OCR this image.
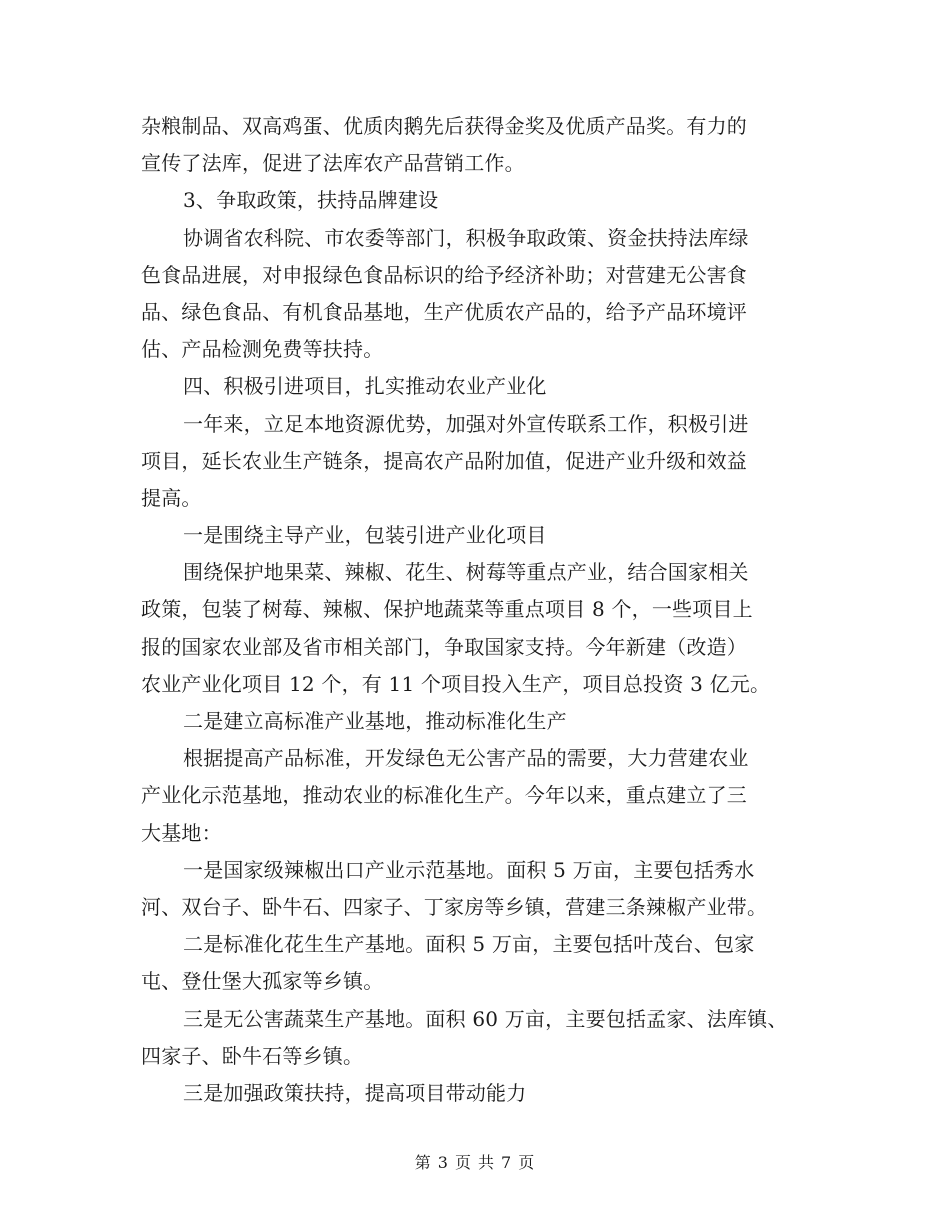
杂粮制品、双高鸡蛋、优质肉鹅先后获得金奖及优质产品奖。有力的
宣传了法库，促进了法库农产品营销工作。
3、争取政策，扶持品牌建设
协调省农科院、市农委等部门，积极争取政策、资金扶持法库绿
色食品进展，对申报绿色食品标识的给予经济补助；对营建无公害食
品、绿色食品、有机食品基地，生产优质农产品的，给予产品环境评
估、产品检测免费等扶持。
四、积极引进项目，扎实推动农业产业化
一年来，立足本地资源优势，加强对外宣传联系工作，积极引进
项目，延长农业生产链条，提高农产品附加值，促进产业升级和效益
提高。
一是围绕主导产业，包装引进产业化项目
围绕保护地果菜、辣椒、花生、树莓等重点产业，结合国家相关
政策，包装了树莓、辣椒、保护地蔬菜等重点项目 8 个，一些项目上
报的国家农业部及省市相关部门，争取国家支持。今年新建（改造）
农业产业化项目 12 个，有 11 个项目投入生产，项目总投资 3 亿元。
二是建立高标准产业基地，推动标准化生产
根据提高产品标准，开发绿色无公害产品的需要，大力营建农业
产业化示范基地，推动农业的标准化生产。今年以来，重点建立了三
大基地：
一是国家级辣椒出口产业示范基地。面积 5 万亩，主要包括秀水
河、双台子、卧牛石、四家子、丁家房等乡镇，营建三条辣椒产业带。
二是标准化花生生产基地。面积 5 万亩，主要包括叶茂台、包家
屯、登仕堡大孤家等乡镇。
三是无公害蔬菜生产基地。面积 60 万亩，主要包括孟家、法库镇、
四家子、卧牛石等乡镇。
三是加强政策扶持，提高项目带动能力
第 3 页 共 7 页
